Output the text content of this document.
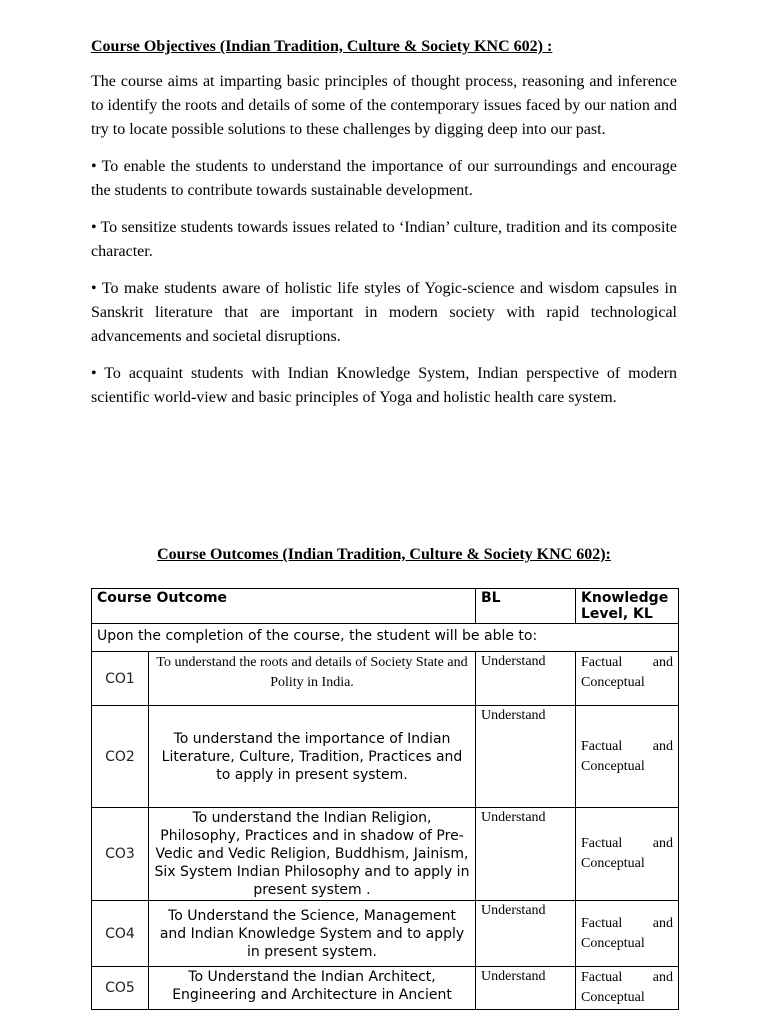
Course Objectives (Indian Tradition, Culture & Society KNC 602) :

The course aims at imparting basic principles of thought process, reasoning and inference to identify the roots and details of some of the contemporary issues faced by our nation and try to locate possible solutions to these challenges by digging deep into our past.

• To enable the students to understand the importance of our surroundings and encourage the students to contribute towards sustainable development.

• To sensitize students towards issues related to ‘Indian’ culture, tradition and its composite character.

• To make students aware of holistic life styles of Yogic-science and wisdom capsules in Sanskrit literature that are important in modern society with rapid technological advancements and societal disruptions.

• To acquaint students with Indian Knowledge System, Indian perspective of modern scientific world-view and basic principles of Yoga and holistic health care system.

Course Outcomes (Indian Tradition, Culture & Society KNC 602):
Course Outcome		BL	Knowledge Level, KL
Upon the completion of the course, the student will be able to:			
CO1	To understand the roots and details of Society State and Polity in India.	Understand	Factual and
Conceptual

CO2	To understand the importance of Indian Literature, Culture, Tradition, Practices and to apply in present system.	Understand	Factual and
Conceptual

CO3	To understand the Indian Religion, Philosophy, Practices and in shadow of Pre-Vedic and Vedic Religion, Buddhism, Jainism, Six System Indian Philosophy and to apply in present system .	Understand	Factual and
Conceptual

CO4	To Understand the Science, Management and Indian Knowledge System and to apply in present system.	Understand	Factual and
Conceptual

CO5	To Understand the Indian Architect, Engineering and Architecture in Ancient	Understand	Factual and
Conceptual
